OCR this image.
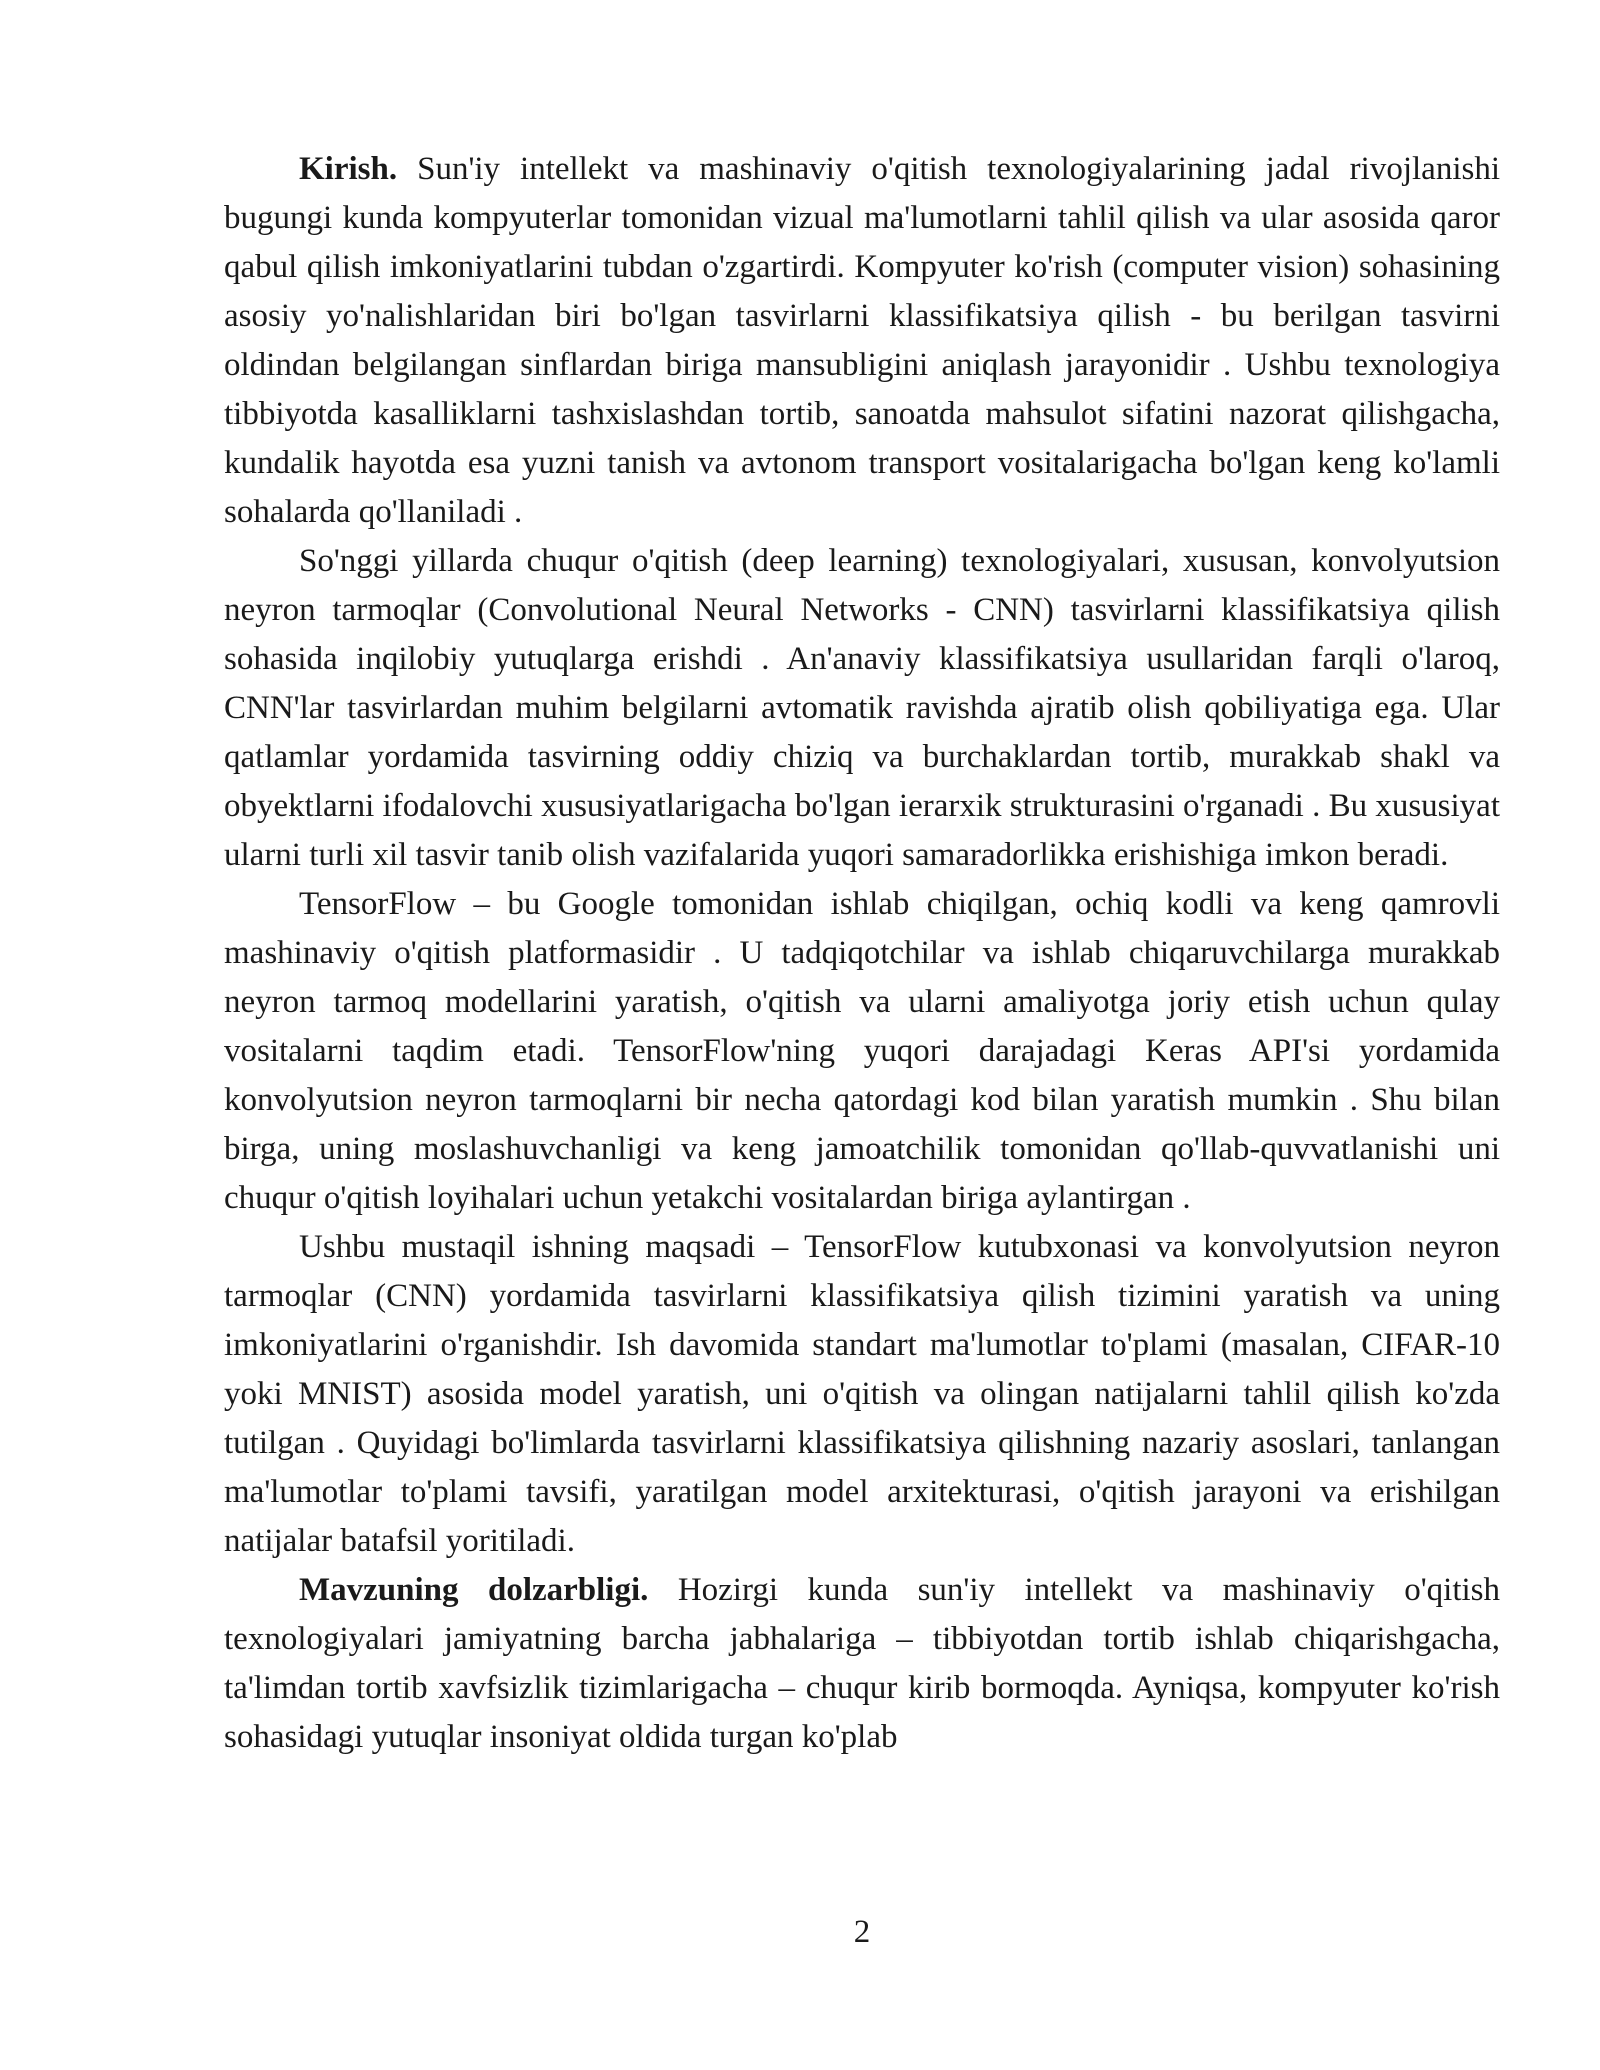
Kirish. Sun'iy intellekt va mashinaviy o'qitish texnologiyalarining jadal rivojlanishi bugungi kunda kompyuterlar tomonidan vizual ma'lumotlarni tahlil qilish va ular asosida qaror qabul qilish imkoniyatlarini tubdan o'zgartirdi. Kompyuter ko'rish (computer vision) sohasining asosiy yo'nalishlaridan biri bo'lgan tasvirlarni klassifikatsiya qilish - bu berilgan tasvirni oldindan belgilangan sinflardan biriga mansubligini aniqlash jarayonidir . Ushbu texnologiya tibbiyotda kasalliklarni tashxislashdan tortib, sanoatda mahsulot sifatini nazorat qilishgacha, kundalik hayotda esa yuzni tanish va avtonom transport vositalarigacha bo'lgan keng ko'lamli sohalarda qo'llaniladi .

So'nggi yillarda chuqur o'qitish (deep learning) texnologiyalari, xususan, konvolyutsion neyron tarmoqlar (Convolutional Neural Networks - CNN) tasvirlarni klassifikatsiya qilish sohasida inqilobiy yutuqlarga erishdi . An'anaviy klassifikatsiya usullaridan farqli o'laroq, CNN'lar tasvirlardan muhim belgilarni avtomatik ravishda ajratib olish qobiliyatiga ega. Ular qatlamlar yordamida tasvirning oddiy chiziq va burchaklardan tortib, murakkab shakl va obyektlarni ifodalovchi xususiyatlarigacha bo'lgan ierarxik strukturasini o'rganadi . Bu xususiyat ularni turli xil tasvir tanib olish vazifalarida yuqori samaradorlikka erishishiga imkon beradi.

TensorFlow – bu Google tomonidan ishlab chiqilgan, ochiq kodli va keng qamrovli mashinaviy o'qitish platformasidir . U tadqiqotchilar va ishlab chiqaruvchilarga murakkab neyron tarmoq modellarini yaratish, o'qitish va ularni amaliyotga joriy etish uchun qulay vositalarni taqdim etadi. TensorFlow'ning yuqori darajadagi Keras API'si yordamida konvolyutsion neyron tarmoqlarni bir necha qatordagi kod bilan yaratish mumkin . Shu bilan birga, uning moslashuvchanligi va keng jamoatchilik tomonidan qo'llab-quvvatlanishi uni chuqur o'qitish loyihalari uchun yetakchi vositalardan biriga aylantirgan .

Ushbu mustaqil ishning maqsadi – TensorFlow kutubxonasi va konvolyutsion neyron tarmoqlar (CNN) yordamida tasvirlarni klassifikatsiya qilish tizimini yaratish va uning imkoniyatlarini o'rganishdir. Ish davomida standart ma'lumotlar to'plami (masalan, CIFAR-10 yoki MNIST) asosida model yaratish, uni o'qitish va olingan natijalarni tahlil qilish ko'zda tutilgan . Quyidagi bo'limlarda tasvirlarni klassifikatsiya qilishning nazariy asoslari, tanlangan ma'lumotlar to'plami tavsifi, yaratilgan model arxitekturasi, o'qitish jarayoni va erishilgan natijalar batafsil yoritiladi.

Mavzuning dolzarbligi. Hozirgi kunda sun'iy intellekt va mashinaviy o'qitish texnologiyalari jamiyatning barcha jabhalariga – tibbiyotdan tortib ishlab chiqarishgacha, ta'limdan tortib xavfsizlik tizimlarigacha – chuqur kirib bormoqda. Ayniqsa, kompyuter ko'rish sohasidagi yutuqlar insoniyat oldida turgan ko'plab

2
